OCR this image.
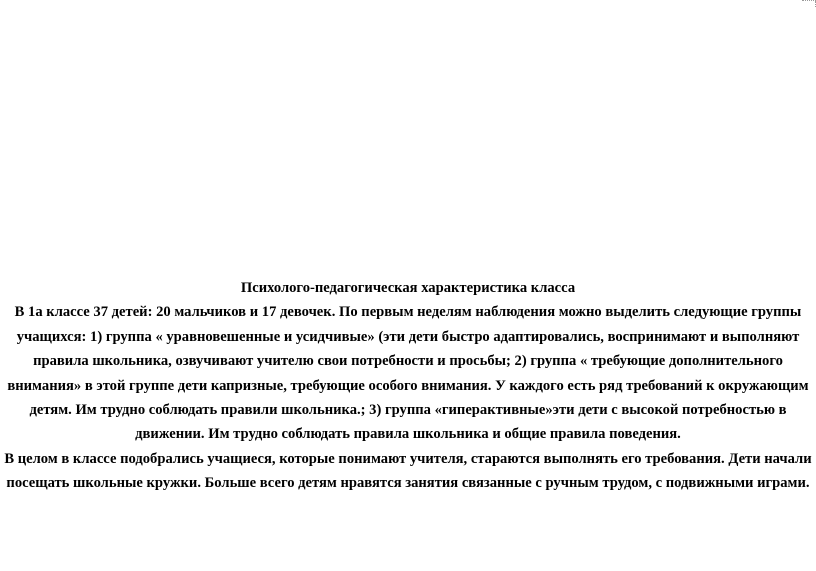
Психолого-педагогическая характеристика класса

В 1а классе 37 детей: 20 мальчиков и 17 девочек. По первым неделям наблюдения можно выделить следующие группы учащихся: 1) группа « уравновешенные и усидчивые» (эти дети быстро адаптировались, воспринимают и выполняют правила школьника, озвучивают учителю свои потребности и просьбы; 2) группа « требующие дополнительного внимания» в этой группе дети капризные, требующие особого внимания. У каждого есть ряд требований к окружающим детям. Им трудно соблюдать правили школьника.; 3) группа «гиперактивные»эти дети с высокой потребностью в движении. Им трудно соблюдать правила школьника и общие правила поведения.

В целом в классе подобрались учащиеся, которые понимают учителя, стараются выполнять его требования. Дети начали посещать школьные кружки. Больше всего детям нравятся занятия связанные с ручным трудом, с подвижными играми.
